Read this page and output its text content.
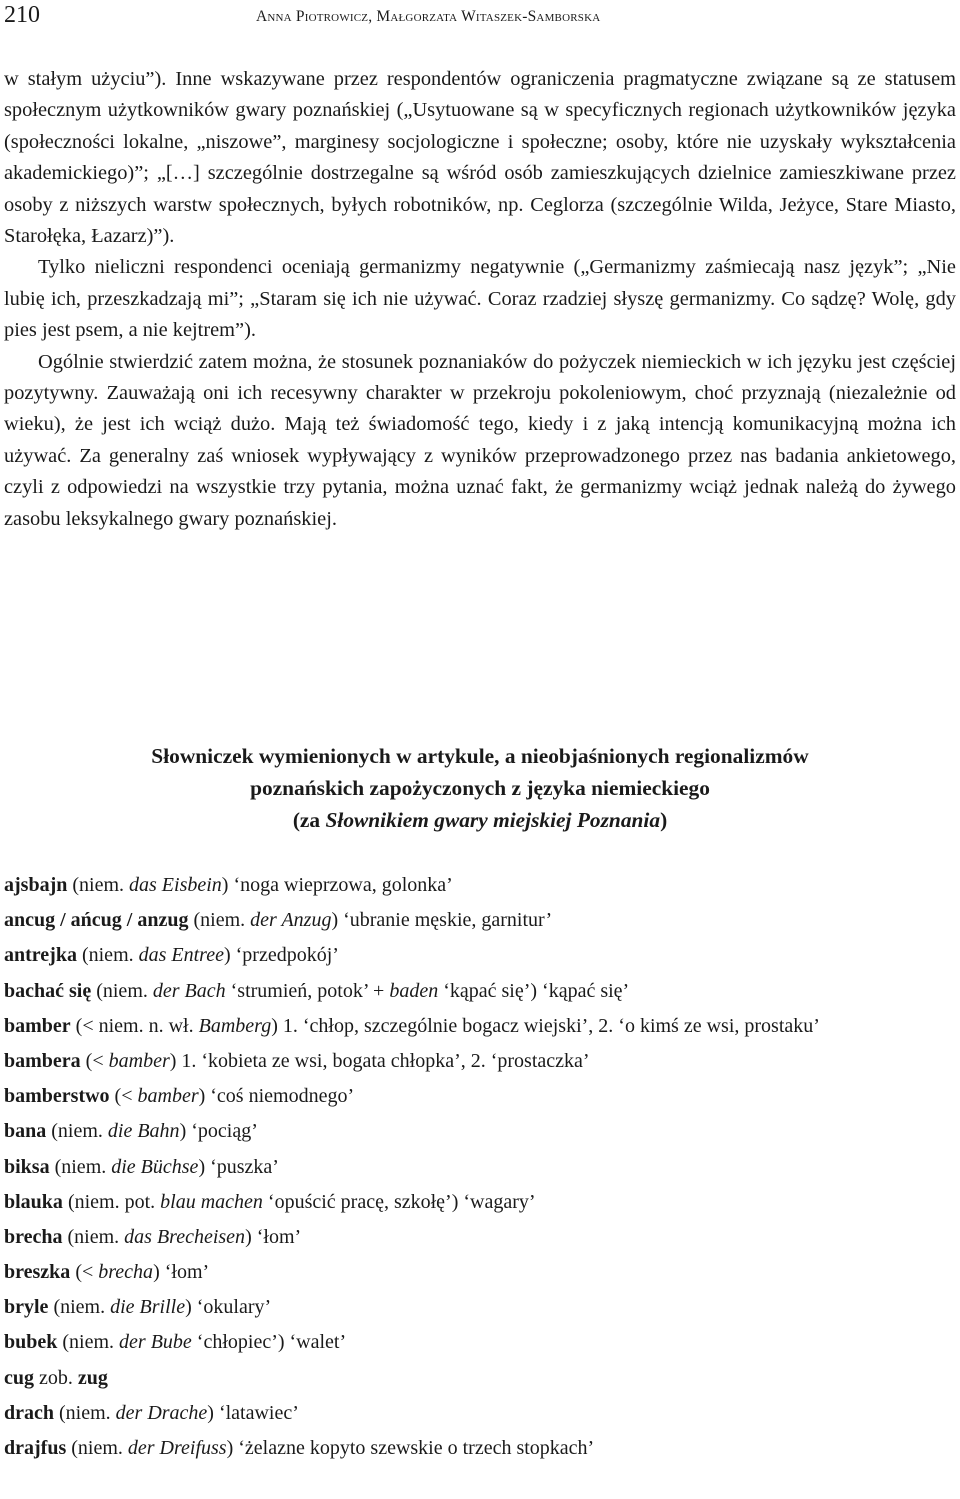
210	Anna Piotrowicz, Małgorzata Witaszek-Samborska

w stałym użyciu”). Inne wskazywane przez respondentów ograniczenia pragmatyczne związane są ze statusem społecznym użytkowników gwary poznańskiej („Usytuowane są w specyficznych regionach użytkowników języka (społeczności lokalne, „niszowe”, marginesy socjologiczne i społeczne; osoby, które nie uzyskały wykształcenia akademickiego)”; „[…] szczególnie dostrzegalne są wśród osób zamieszkujących dzielnice zamieszkiwane przez osoby z niższych warstw społecznych, byłych robotników, np. Ceglorza (szczególnie Wilda, Jeżyce, Stare Miasto, Starołęka, Łazarz)”).

Tylko nieliczni respondenci oceniają germanizmy negatywnie („Germanizmy zaśmiecają nasz język”; „Nie lubię ich, przeszkadzają mi”; „Staram się ich nie używać. Coraz rzadziej słyszę germanizmy. Co sądzę? Wolę, gdy pies jest psem, a nie kejtrem”).

Ogólnie stwierdzić zatem można, że stosunek poznaniaków do pożyczek niemieckich w ich języku jest częściej pozytywny. Zauważają oni ich recesywny charakter w przekroju pokoleniowym, choć przyznają (niezależnie od wieku), że jest ich wciąż dużo. Mają też świadomość tego, kiedy i z jaką intencją komunikacyjną można ich używać. Za generalny zaś wniosek wypływający z wyników przeprowadzonego przez nas badania ankietowego, czyli z odpowiedzi na wszystkie trzy pytania, można uznać fakt, że germanizmy wciąż jednak należą do żywego zasobu leksykalnego gwary poznańskiej.

Słowniczek wymienionych w artykule, a nieobjaśnionych regionalizmów
poznańskich zapożyczonych z języka niemieckiego
(za Słownikiem gwary miejskiej Poznania)

ajsbajn (niem. das Eisbein) ‘noga wieprzowa, golonka’

ancug / ańcug / anzug (niem. der Anzug) ‘ubranie męskie, garnitur’

antrejka (niem. das Entree) ‘przedpokój’

bachać się (niem. der Bach ‘strumień, potok’ + baden ‘kąpać się’) ‘kąpać się’

bamber (< niem. n. wł. Bamberg) 1. ‘chłop, szczególnie bogacz wiejski’, 2. ‘o kimś ze wsi, prostaku’

bambera (< bamber) 1. ‘kobieta ze wsi, bogata chłopka’, 2. ‘prostaczka’

bamberstwo (< bamber) ‘coś niemodnego’

bana (niem. die Bahn) ‘pociąg’

biksa (niem. die Büchse) ‘puszka’

blauka (niem. pot. blau machen ‘opuścić pracę, szkołę’) ‘wagary’

brecha (niem. das Brecheisen) ‘łom’

breszka (< brecha) ‘łom’

bryle (niem. die Brille) ‘okulary’

bubek (niem. der Bube ‘chłopiec’) ‘walet’

cug zob. zug

drach (niem. der Drache) ‘latawiec’

drajfus (niem. der Dreifuss) ‘żelazne kopyto szewskie o trzech stopkach’
